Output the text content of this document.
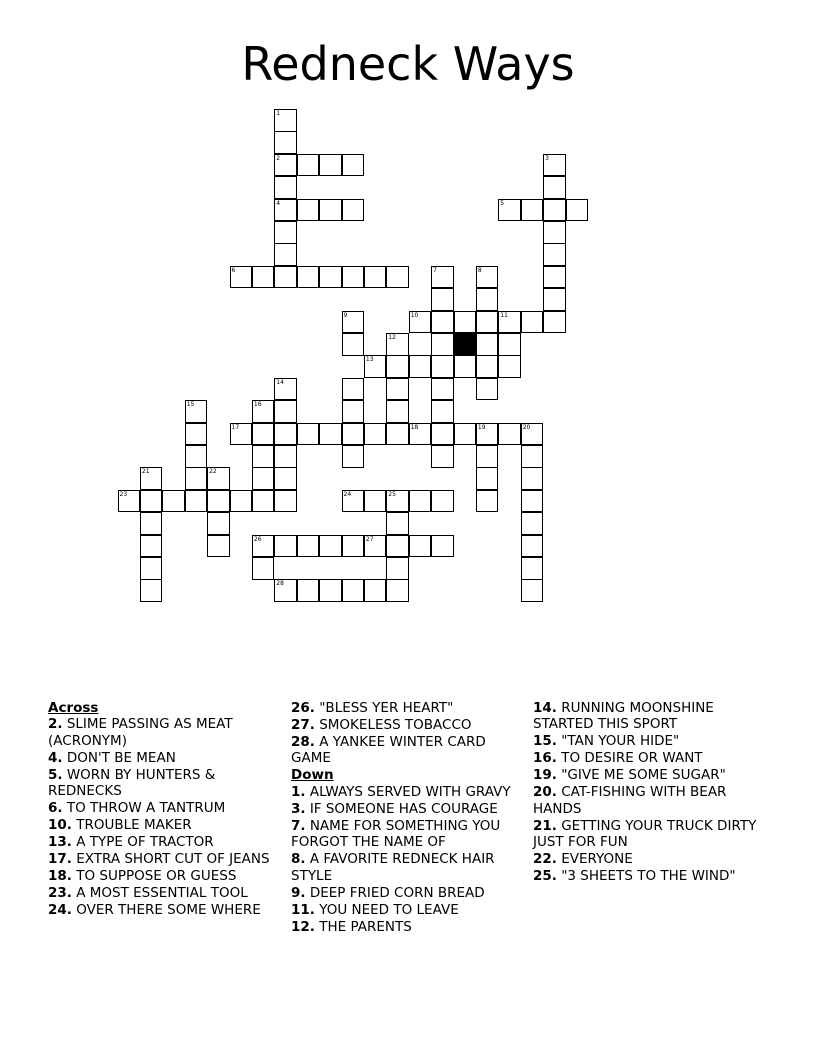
Redneck Ways
1
2	3
4	5
6	7	8
9	10	11
12
13
14
15	16
17	18	19	20
21	22
23	24	25
26	27
28
Across
2. SLIME PASSING AS MEAT (ACRONYM)
4. DON'T BE MEAN
5. WORN BY HUNTERS & REDNECKS
6. TO THROW A TANTRUM
10. TROUBLE MAKER
13. A TYPE OF TRACTOR
17. EXTRA SHORT CUT OF JEANS
18. TO SUPPOSE OR GUESS
23. A MOST ESSENTIAL TOOL
24. OVER THERE SOME WHERE
26. "BLESS YER HEART"
27. SMOKELESS TOBACCO
28. A YANKEE WINTER CARD GAME
Down
1. ALWAYS SERVED WITH GRAVY
3. IF SOMEONE HAS COURAGE
7. NAME FOR SOMETHING YOU FORGOT THE NAME OF
8. A FAVORITE REDNECK HAIR STYLE
9. DEEP FRIED CORN BREAD
11. YOU NEED TO LEAVE
12. THE PARENTS
14. RUNNING MOONSHINE STARTED THIS SPORT
15. "TAN YOUR HIDE"
16. TO DESIRE OR WANT
19. "GIVE ME SOME SUGAR"
20. CAT-FISHING WITH BEAR HANDS
21. GETTING YOUR TRUCK DIRTY JUST FOR FUN
22. EVERYONE
25. "3 SHEETS TO THE WIND"
